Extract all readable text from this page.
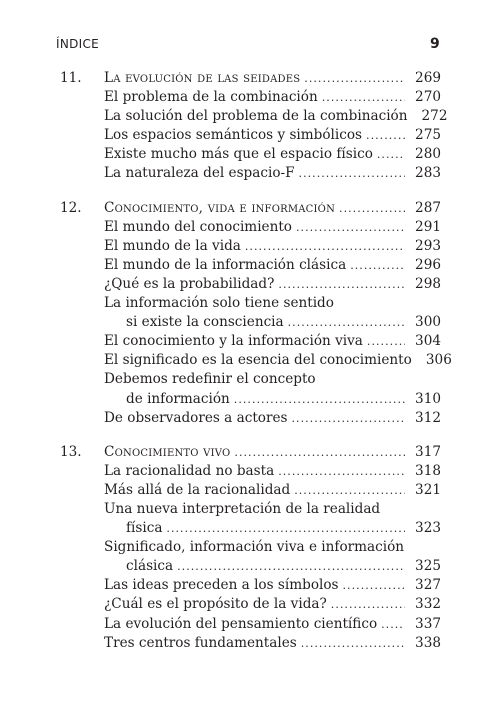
ÍNDICE	9
11.	La evolución de las seidades .....	269
El problema de la combinación .....	270
La solución del problema de la combinación 272
Los espacios semánticos y simbólicos .....	275
Existe mucho más que el espacio físico .....	280
La naturaleza del espacio-F .....	283
12.	Conocimiento, vida e información .....	287
El mundo del conocimiento .....	291
El mundo de la vida .....	293
El mundo de la información clásica .....	296
¿Qué es la probabilidad? .....	298
La información solo tiene sentido
si existe la consciencia .....	300
El conocimiento y la información viva .....	304
El significado es la esencia del conocimiento 306
Debemos redefinir el concepto
de información .....	310
De observadores a actores .....	312
13.	Conocimiento vivo .....	317
La racionalidad no basta .....	318
Más allá de la racionalidad .....	321
Una nueva interpretación de la realidad
física .....	323
Significado, información viva e información
clásica .....	325
Las ideas preceden a los símbolos .....	327
¿Cuál es el propósito de la vida? .....	332
La evolución del pensamiento científico .....	337
Tres centros fundamentales .....	338
